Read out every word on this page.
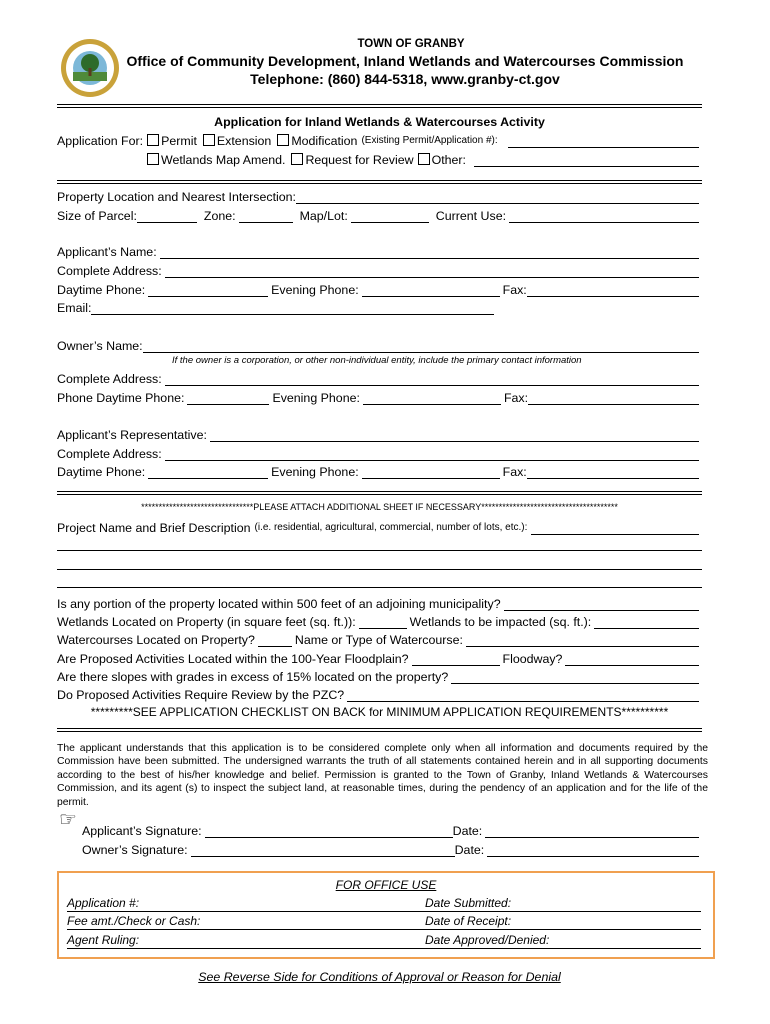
TOWN OF GRANBY
Office of Community Development, Inland Wetlands and Watercourses Commission
Telephone: (860) 844-5318, www.granby-ct.gov
Application for Inland Wetlands & Watercourses Activity
Application For:	Permit	Extension	Modification (Existing Permit/Application #):
Wetlands Map Amend.	Request for Review	Other:
Property Location and Nearest Intersection:
Size of Parcel:	Zone:	Map/Lot:	Current Use:
Applicant’s Name:
Complete Address:
Daytime Phone:	Evening Phone:	Fax:
Email:
Owner’s Name:
If the owner is a corporation, or other non-individual entity, include the primary contact information
Complete Address:
Phone Daytime Phone:	Evening Phone:	Fax:
Applicant’s Representative:
Complete Address:
Daytime Phone:	Evening Phone:	Fax:
********************************PLEASE ATTACH ADDITIONAL SHEET IF NECESSARY***************************************
Project Name and Brief Description (i.e. residential, agricultural, commercial, number of lots, etc.):
Is any portion of the property located within 500 feet of an adjoining municipality?
Wetlands Located on Property (in square feet (sq. ft.)):	Wetlands to be impacted (sq. ft.):
Watercourses Located on Property?	Name or Type of Watercourse:
Are Proposed Activities Located within the 100-Year Floodplain?	Floodway?
Are there slopes with grades in excess of 15% located on the property?
Do Proposed Activities Require Review by the PZC?
*********SEE APPLICATION CHECKLIST ON BACK for MINIMUM APPLICATION REQUIREMENTS**********
The applicant understands that this application is to be considered complete only when all information and documents required by the Commission have been submitted. The undersigned warrants the truth of all statements contained herein and in all supporting documents according to the best of his/her knowledge and belief. Permission is granted to the Town of Granby, Inland Wetlands & Watercourses Commission, and its agent (s) to inspect the subject land, at reasonable times, during the pendency of an application and for the life of the permit.
☞ Applicant’s Signature:	Date:
Owner’s Signature:	Date:
FOR OFFICE USE
Application #:	Date Submitted:
Fee amt./Check or Cash:	Date of Receipt:
Agent Ruling:	Date Approved/Denied:
See Reverse Side for Conditions of Approval or Reason for Denial
